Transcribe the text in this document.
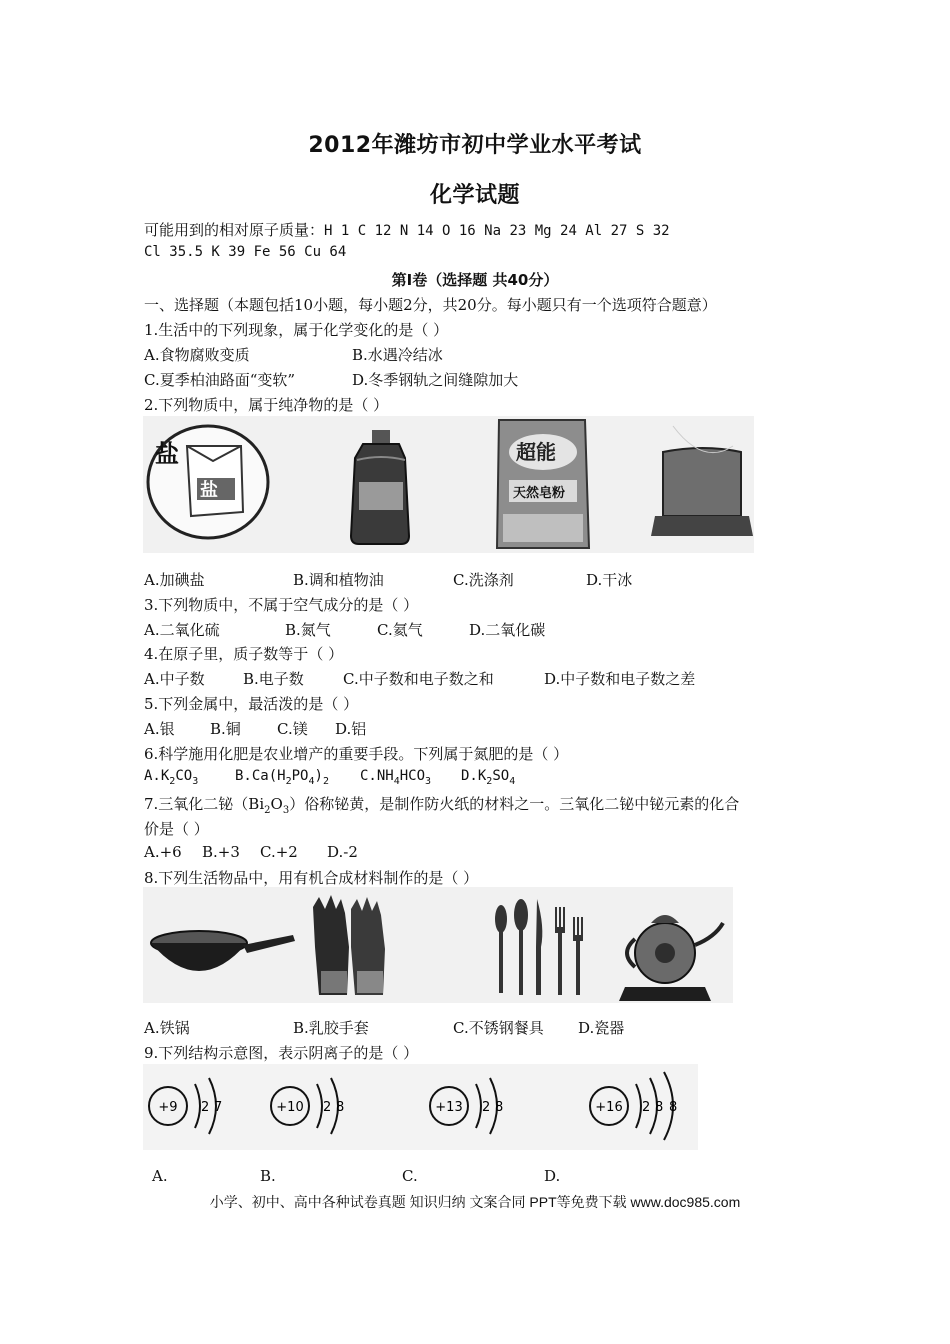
2012年潍坊市初中学业水平考试
化学试题
可能用到的相对原子质量：H 1 C 12 N 14 O 16 Na 23 Mg 24 Al 27 S 32
Cl 35.5 K 39 Fe 56 Cu 64
第Ⅰ卷（选择题 共40分）
一、选择题（本题包括10小题，每小题2分，共20分。每小题只有一个选项符合题意）
1.生活中的下列现象，属于化学变化的是（ ）
A.食物腐败变质	B.水遇冷结冰
C.夏季柏油路面“变软”	D.冬季钢轨之间缝隙加大
2.下列物质中，属于纯净物的是（ ）
盐
盐
超能
天然皂粉
A.加碘盐	B.调和植物油	C.洗涤剂	D.干冰
3.下列物质中，不属于空气成分的是（ ）
A.二氧化硫	B.氮气	C.氦气	D.二氧化碳
4.在原子里，质子数等于（ ）
A.中子数	B.电子数	C.中子数和电子数之和	D.中子数和电子数之差
5.下列金属中，最活泼的是（ ）
A.银 B.铜 C.镁 D.铝
6.科学施用化肥是农业增产的重要手段。下列属于氮肥的是（ ）
$A.K_2CO_3$	$B.Ca(H_2PO_4)_2$ $C.NH_4HCO_3$ $D.K_2SO_4$
7.三氧化二铋$(Bi_2O_3)$俗称铋黄，是制作防火纸的材料之一。三氧化二铋中铋元素的化合
价是（ ）
A.+6 B.+3 C.+2 D.-2
8.下列生活物品中，用有机合成材料制作的是（ ）
A.铁锅	B.乳胶手套	C.不锈钢餐具 D.瓷器
9.下列结构示意图，表示阴离子的是（ ）
+9 2 7	+10 2 8	+13 2 8	+16 2 8 8
A.	B.	C.	D.
小学、初中、高中各种试卷真题 知识归纳 文案合同 PPT等免费下载 www.doc985.com
